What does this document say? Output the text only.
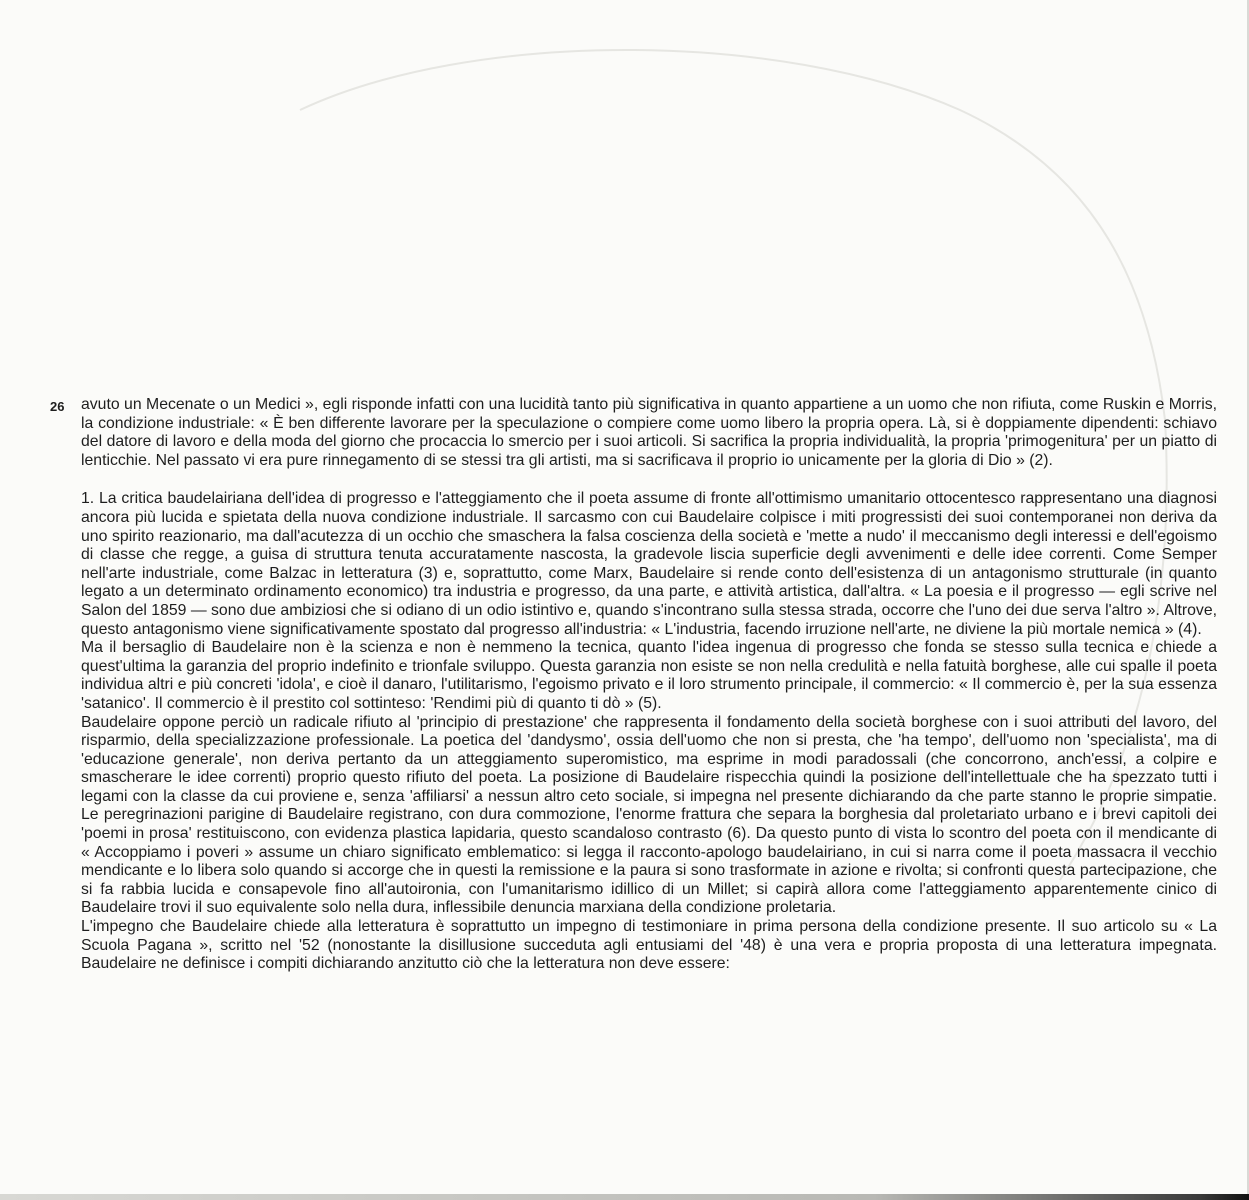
26 avuto un Mecenate o un Medici », egli risponde infatti con una lucidità tanto più significativa in quanto appartiene a un uomo che non rifiuta, come Ruskin e Morris, la condizione industriale: « È ben differente lavorare per la speculazione o compiere come uomo libero la propria opera. Là, si è doppiamente dipendenti: schiavo del datore di lavoro e della moda del giorno che procaccia lo smercio per i suoi articoli. Si sacrifica la propria individualità, la propria 'primogenitura' per un piatto di lenticchie. Nel passato vi era pure rinnegamento di se stessi tra gli artisti, ma si sacrificava il proprio io unicamente per la gloria di Dio » (2).

1. La critica baudelairiana dell'idea di progresso e l'atteggiamento che il poeta assume di fronte all'ottimismo umanitario ottocentesco rappresentano una diagnosi ancora più lucida e spietata della nuova condizione industriale. Il sarcasmo con cui Baudelaire colpisce i miti progressisti dei suoi contemporanei non deriva da uno spirito reazionario, ma dall'acutezza di un occhio che smaschera la falsa coscienza della società e 'mette a nudo' il meccanismo degli interessi e dell'egoismo di classe che regge, a guisa di struttura tenuta accuratamente nascosta, la gradevole liscia superficie degli avvenimenti e delle idee correnti. Come Semper nell'arte industriale, come Balzac in letteratura (3) e, soprattutto, come Marx, Baudelaire si rende conto dell'esistenza di un antagonismo strutturale (in quanto legato a un determinato ordinamento economico) tra industria e progresso, da una parte, e attività artistica, dall'altra. « La poesia e il progresso — egli scrive nel Salon del 1859 — sono due ambiziosi che si odiano di un odio istintivo e, quando s'incontrano sulla stessa strada, occorre che l'uno dei due serva l'altro ». Altrove, questo antagonismo viene significativamente spostato dal progresso all'industria: « L'industria, facendo irruzione nell'arte, ne diviene la più mortale nemica » (4).

Ma il bersaglio di Baudelaire non è la scienza e non è nemmeno la tecnica, quanto l'idea ingenua di progresso che fonda se stesso sulla tecnica e chiede a quest'ultima la garanzia del proprio indefinito e trionfale sviluppo. Questa garanzia non esiste se non nella credulità e nella fatuità borghese, alle cui spalle il poeta individua altri e più concreti 'idola', e cioè il danaro, l'utilitarismo, l'egoismo privato e il loro strumento principale, il commercio: « Il commercio è, per la sua essenza 'satanico'. Il commercio è il prestito col sottinteso: 'Rendimi più di quanto ti dò » (5).

Baudelaire oppone perciò un radicale rifiuto al 'principio di prestazione' che rappresenta il fondamento della società borghese con i suoi attributi del lavoro, del risparmio, della specializzazione professionale. La poetica del 'dandysmo', ossia dell'uomo che non si presta, che 'ha tempo', dell'uomo non 'specialista', ma di 'educazione generale', non deriva pertanto da un atteggiamento superomistico, ma esprime in modi paradossali (che concorrono, anch'essi, a colpire e smascherare le idee correnti) proprio questo rifiuto del poeta. La posizione di Baudelaire rispecchia quindi la posizione dell'intellettuale che ha spezzato tutti i legami con la classe da cui proviene e, senza 'affiliarsi' a nessun altro ceto sociale, si impegna nel presente dichiarando da che parte stanno le proprie simpatie. Le peregrinazioni parigine di Baudelaire registrano, con dura commozione, l'enorme frattura che separa la borghesia dal proletariato urbano e i brevi capitoli dei 'poemi in prosa' restituiscono, con evidenza plastica lapidaria, questo scandaloso contrasto (6). Da questo punto di vista lo scontro del poeta con il mendicante di « Accoppiamo i poveri » assume un chiaro significato emblematico: si legga il racconto-apologo baudelairiano, in cui si narra come il poeta massacra il vecchio mendicante e lo libera solo quando si accorge che in questi la remissione e la paura si sono trasformate in azione e rivolta; si confronti questa partecipazione, che si fa rabbia lucida e consapevole fino all'autoironia, con l'umanitarismo idillico di un Millet; si capirà allora come l'atteggiamento apparentemente cinico di Baudelaire trovi il suo equivalente solo nella dura, inflessibile denuncia marxiana della condizione proletaria.

L'impegno che Baudelaire chiede alla letteratura è soprattutto un impegno di testimoniare in prima persona della condizione presente. Il suo articolo su « La Scuola Pagana », scritto nel '52 (nonostante la disillusione succeduta agli entusiami del '48) è una vera e propria proposta di una letteratura impegnata. Baudelaire ne definisce i compiti dichiarando anzitutto ciò che la letteratura non deve essere:
